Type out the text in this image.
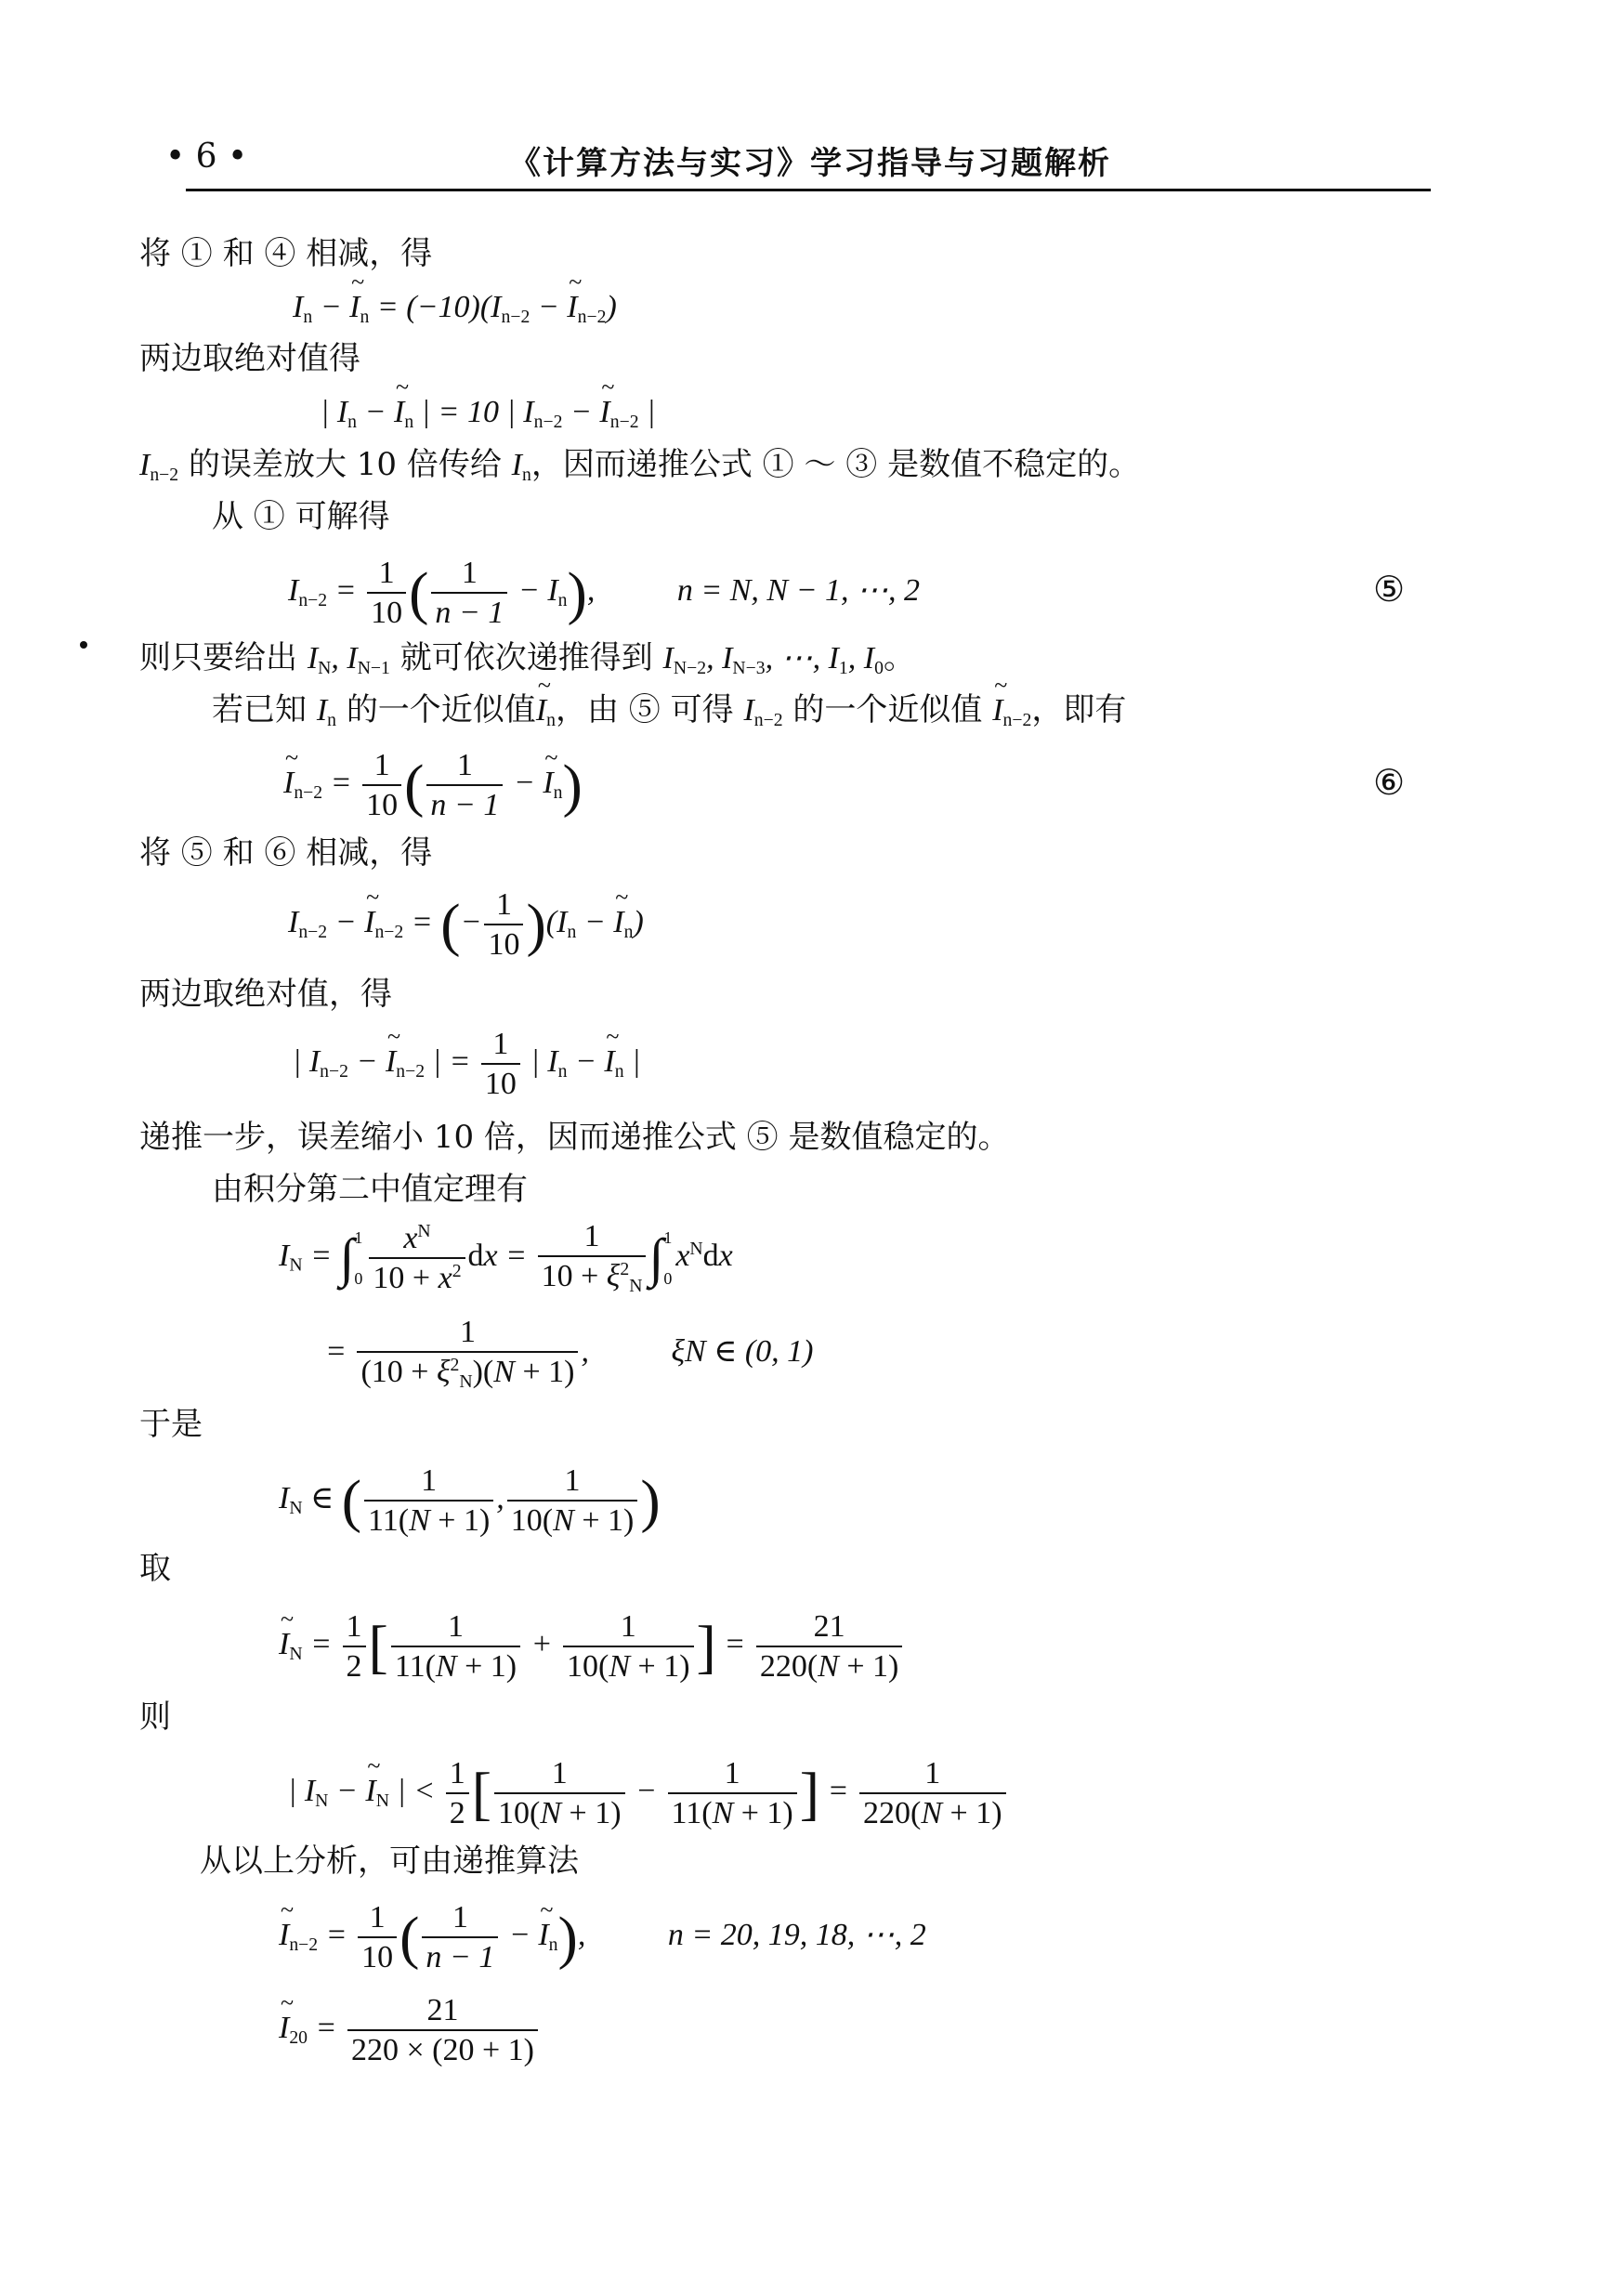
• 6 •	《计算方法与实习》学习指导与习题解析
将 ① 和 ④ 相减，得
$I_n$ − ~ $I_n = (-10)(I_{n-2}$ − ~ $I_{n-2}$)
两边取绝对值得
| $I_n$ − ~ $I_n$ | = 10 | $I_{n-2}$ − ~ $I_{n-2}$ |
$I_{n-2}$ 的误差放大 10 倍传给 $I_n$，因而递推公式 ① ～ ③ 是数值不稳定的。
从 ① 可解得
$I_{n-2} = \frac{1}{10}$ ( $\frac{1}{n - 1} - I_n$), n = N, N − 1, ⋯, 2	⑤
则只要给出 $I_N$, $I_{N-1}$ 就可依次递推得到 $I_{N-2}$, $I_{N-3}$, ⋯, $I_1$, $I_0$。
若已知 $I_n$ 的一个近似值~ $I_n$，由 ⑤ 可得 $I_{n-2}$ 的一个近似值 ~ $I_{n-2}$，即有
~ $I_{n-2} = \frac{1}{10}$ ( $\frac{1}{n - 1}$ − ~ $I_n$)	⑥
将 ⑤ 和 ⑥ 相减，得
$I_{n-2}$ − ~ $I_{n-2}$ = (− $\frac{1}{10} )(I_n$ − ~ $I_n$)
两边取绝对值，得
| $I_{n-2}$ − ~ $I_{n-2}$ | = $\frac{1}{10}$ | $I_n$ − ~ $I_n$ |
递推一步，误差缩小 10 倍，因而递推公式 ⑤ 是数值稳定的。
由积分第二中值定理有
$I_N = \int 1$
$0 \frac{x^N}{10 + x^2}$ dx = $\frac{1}{10 + \xi^2_N} \int 1$
$0x^Ndx$
= $\frac{1}{(10 + \xi^2_N)(N + 1)}$ , ξN ∈ (0, 1)
于是
$I_N$ ∈ ( $\frac{1}{11(N + 1)}$ , $\frac{1}{10(N + 1)}$ )
取
~ $I_N = \frac{1}{2}$ [ $\frac{1}{11(N + 1)} + \frac{1}{10(N + 1)}$ ] = $\frac{21}{220(N + 1)}$
则
| $I_N$ − ~ $I_N$ | < $\frac{1}{2}$ [ $\frac{1}{10(N + 1)} - \frac{1}{11(N + 1)}$ ] = $\frac{1}{220(N + 1)}$
从以上分析，可由递推算法
~ $I_{n-2} = \frac{1}{10}$ ( $\frac{1}{n - 1}$ − ~ $I_n$), n = 20, 19, 18, ⋯, 2
~ $I_{20} = \frac{21}{220 \times (20 + 1)}$
